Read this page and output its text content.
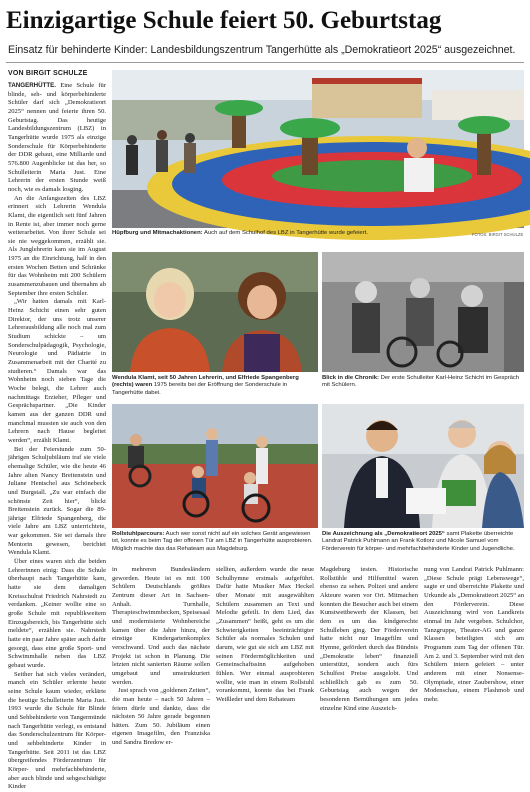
Einzigartige Schule feiert 50. Geburtstag
Einsatz für behinderte Kinder: Landesbildungszentrum Tangerhütte als „Demokratieort 2025“ ausgezeichnet.
VON BIRGIT SCHULZE

TANGERHÜTTE. Eine Schule für blinde, seh- und körperbehinderte Schüler darf sich „Demokratieort 2025“ nennen und feierte ihren 50. Geburtstag. Das heutige Landesbildungszentrum (LBZ) in Tangerhütte wurde 1975 als einzige Sonderschule für Körperbehinderte der DDR gebaut, eine Milliarde und 576.800 Augenblicke ist das her, so Schulleiterin Maria Just. Eine Lehrerin der ersten Stunde weiß noch, wie es damals losging.

An die Anfangszeiten des LBZ erinnert sich Lehrerin Wendula Klamt, die eigentlich seit fünf Jahren in Rente ist, aber immer noch gerne weiterarbeitet. Von ihrer Schule sei sie nie weggekommen, erzählt sie. Als Junglehrerin kam sie im August 1975 an die Einrichtung, half in den ersten Wochen Betten und Schränke für das Wohnheim mit 200 Schülern zusammenzubauen und übernahm ab September ihre ersten Schüler.

„Wir hatten damals mit Karl-Heinz Schicht einen sehr guten Direktor, der uns trotz unserer Lehrerausbildung alle noch mal zum Studium schickte – um Sonderschulpädagogik, Psychologie, Neurologie und Pädiatrie in Zusammenarbeit mit der Charité zu studieren.“ Damals war das Wohnheim noch sieben Tage die Woche belegt, die Lehrer auch nachmittags Erzieher, Pfleger und Gesprächspartner. „Die Kinder kamen aus der ganzen DDR und manchmal mussten sie auch von den Lehrern nach Hause begleitet werden“, erzählt Klamt.

Bei der Feierstunde zum 50-jährigen Schuljubiläum traf sie viele ehemalige Schüler, wie die heute 46 Jahre alten Nancy Breitenstein und Juliane Hentschel aus Schönebeck und Burgstall. „Zu war einfach die schönste Zeit hier“, blickt Breitenstein zurück. Sogar die 89-jährige Elfriede Spangenberg, die viele Jahre am LBZ unterrichtete, war gekommen. Sie sei damals ihre Mentorin gewesen, berichtet Wendula Klamt.

Über eines waren sich die beiden Lehrerinnen einig: Dass die Schule überhaupt nach Tangerhütte kam, hatte sie dem damaligen Kreisschulrat Friedrich Nahrstedt zu verdanken. „Keiner wollte eine so große Schule mit republikweitem Einzugsbereich, bis Tangerhütte sich meldete“, erzählen sie. Nahrstedt hatte ein paar Jahre später auch dafür gesorgt, dass eine große Sport- und Schwimmhalle neben das LBZ gebaut wurde.

Seither hat sich vieles verändert, manch ein Schüler erlernte heute seine Schule kaum wieder, erklärte die heutige Schulleiterin Maria Just. 1993 wurde die Schule für Blinde und Sehbehinderte von Tangermünde nach Tangerhütte verlegt, es entstand das Sonderschulzentrum für Körper- und sehbehinderte Kinder in Tangerhütte. Seit 2011 ist das LBZ übergreifendes Förderzentrum für Körper- und mehrfachbehinderte, aber auch blinde und sehgeschädigte Kinder

Hüpfburg und Mitmachaktionen: Auch auf dem Schulhof des LBZ in Tangerhütte wurde gefeiert.	FOTOS: BIRGIT SCHULZE
Wendula Klamt, seit 50 Jahren Lehrerin, und Elfriede Spangenberg (rechts) waren 1975 bereits bei der Eröffnung der Sonderschule in Tangerhütte dabei.
Blick in die Chronik: Der erste Schulleiter Karl-Heinz Schicht im Gespräch mit Schülern.
Rollstuhlparcours: Auch wer sonst nicht auf ein solches Gerät angewiesen ist, konnte es beim Tag der offenen Tür am LBZ in Tangerhütte ausprobieren. Möglich machte das das Rehateam aus Magdeburg.
Die Auszeichnung als „Demokratieort 2025“ samt Plakette überreichte Landrat Patrick Puhlmann an Frank Kotlorz und Nicole Samuel vom Förderverein für körper- und mehrfachbehinderte Kinder und Jugendliche.

in mehreren Bundesländern geworden. Heute ist es mit 100 Schülern Deutschlands größtes Zentrum dieser Art in Sachsen-Anhalt. Turnhalle, Therapieschwimmbecken, Speisesaal und modernisierte Wohnbereiche kamen über die Jahre hinzu, der einstige Kindergartenkomplex verschwand. Und auch das nächste Projekt ist schon in Planung. Die letzten nicht sanierten Räume sollen umgebaut und umstrukturiert werden.

Just sprach von „goldenen Zeiten“, die man heute – nach 50 Jahren – feiern dürfe und dankte, dass die nächsten 50 Jahre gerade begonnen hätten. Zum 50. Jubiläum einen eigenen Imagefilm, den Franziska und Sandra Bredow er-

stellten, außerdem wurde die neue Schulhymne erstmals aufgeführt. Dafür hatte Musiker Max Heckel über Monate mit ausgewählten Schülern zusammen an Text und Melodie gefeilt. In dem Lied, das „Zusammen“ heißt, geht es um die Schwierigkeiten beeinträchtigter Schüler als normales Schulen und darum, wie gut sie sich am LBZ mit seinen Fördermöglichkeiten und Gemeinschaftssinn aufgehoben fühlen. Wer einmal ausprobieren wollte, wie man in einem Rollstuhl vorankommt, konnte das bei Frank Weißleder und dem Rehateam

Magdeburg testen. Historische Rollstühle und Hilfsmittel waren ebenso zu sehen. Polizei und andere Akteure waren vor Ort. Mitmachen konnten die Besucher auch bei einem Kunstwettbewerb der Klassen, bei dem es um das kindgerechte Schulleben ging. Der Förderverein hatte nicht nur Imagefilm und Hymne, gefördert durch das Bündnis „Demokratie leben“ finanziell unterstützt, sondern auch fürs Schulfest Preise ausgelobt. Und schließlich gab es zum 50. Geburtstag auch wegen der besonderen Bemühungen um jedes einzelne Kind eine Auszeich-

nung von Landrat Patrick Puhlmann: „Diese Schule prägt Lebenswege“, sagte er und überreichte Plakette und Urkunde als „Demokratieort 2025“ an den Förderverein. Diese Auszeichnung wird von Landkreis einmal im Jahr vergeben. Schulchor, Tanzgruppe, Theater-AG und ganze Klassen beteiligten sich am Programm zum Tag der offenen Tür. Am 2. und 3. September wird mit den Schülern intern gefeiert – unter anderem mit einer Nonsense-Olympiade, einer Zaubershow, einer Modenschau, einem Flashmob und mehr.
